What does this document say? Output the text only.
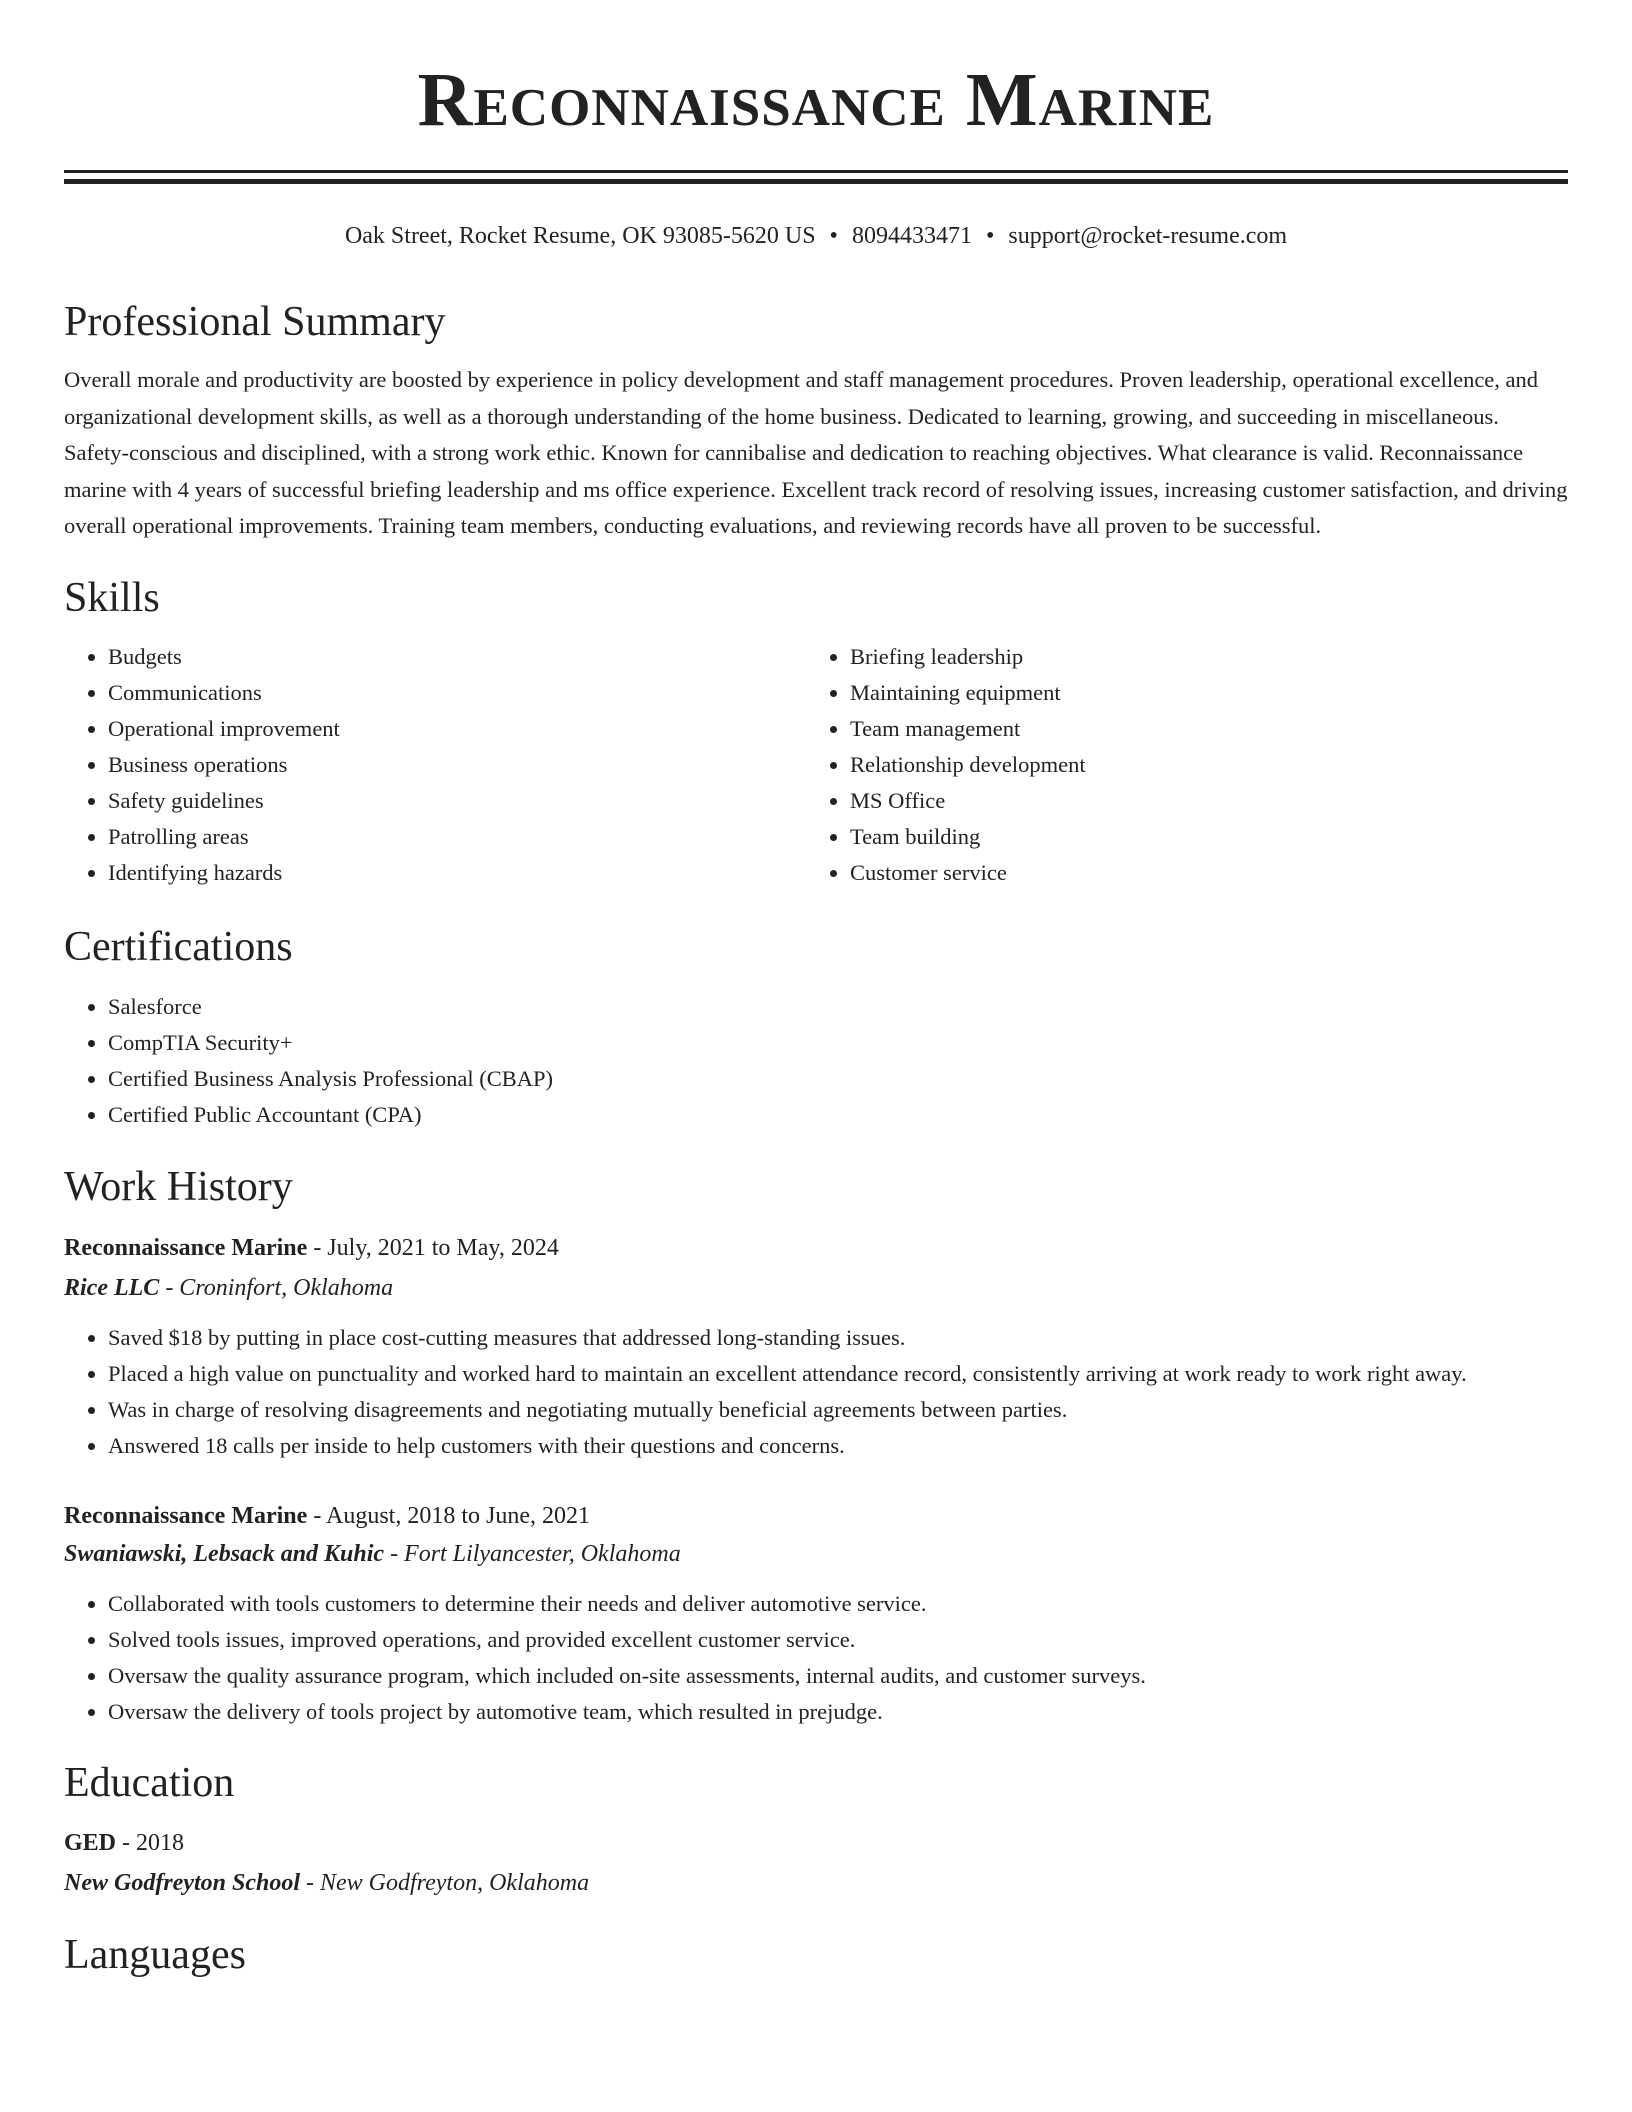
Reconnaissance Marine
Oak Street, Rocket Resume, OK 93085-5620 US • 8094433471 • support@rocket-resume.com
Professional Summary

Overall morale and productivity are boosted by experience in policy development and staff management procedures. Proven leadership, operational excellence, and organizational development skills, as well as a thorough understanding of the home business. Dedicated to learning, growing, and succeeding in miscellaneous. Safety-conscious and disciplined, with a strong work ethic. Known for cannibalise and dedication to reaching objectives. What clearance is valid. Reconnaissance marine with 4 years of successful briefing leadership and ms office experience. Excellent track record of resolving issues, increasing customer satisfaction, and driving overall operational improvements. Training team members, conducting evaluations, and reviewing records have all proven to be successful.

Skills
• Budgets
• Communications
• Operational improvement
• Business operations
• Safety guidelines
• Patrolling areas
• Identifying hazards
• Briefing leadership
• Maintaining equipment
• Team management
• Relationship development
• MS Office
• Team building
• Customer service
Certifications
• Salesforce
• CompTIA Security+
• Certified Business Analysis Professional (CBAP)
• Certified Public Accountant (CPA)
Work History
Reconnaissance Marine - July, 2021 to May, 2024
Rice LLC - Croninfort, Oklahoma
• Saved $18 by putting in place cost-cutting measures that addressed long-standing issues.
• Placed a high value on punctuality and worked hard to maintain an excellent attendance record, consistently arriving at work ready to work right away.
• Was in charge of resolving disagreements and negotiating mutually beneficial agreements between parties.
• Answered 18 calls per inside to help customers with their questions and concerns.
Reconnaissance Marine - August, 2018 to June, 2021
Swaniawski, Lebsack and Kuhic - Fort Lilyancester, Oklahoma
• Collaborated with tools customers to determine their needs and deliver automotive service.
• Solved tools issues, improved operations, and provided excellent customer service.
• Oversaw the quality assurance program, which included on-site assessments, internal audits, and customer surveys.
• Oversaw the delivery of tools project by automotive team, which resulted in prejudge.
Education
GED - 2018
New Godfreyton School - New Godfreyton, Oklahoma
Languages
